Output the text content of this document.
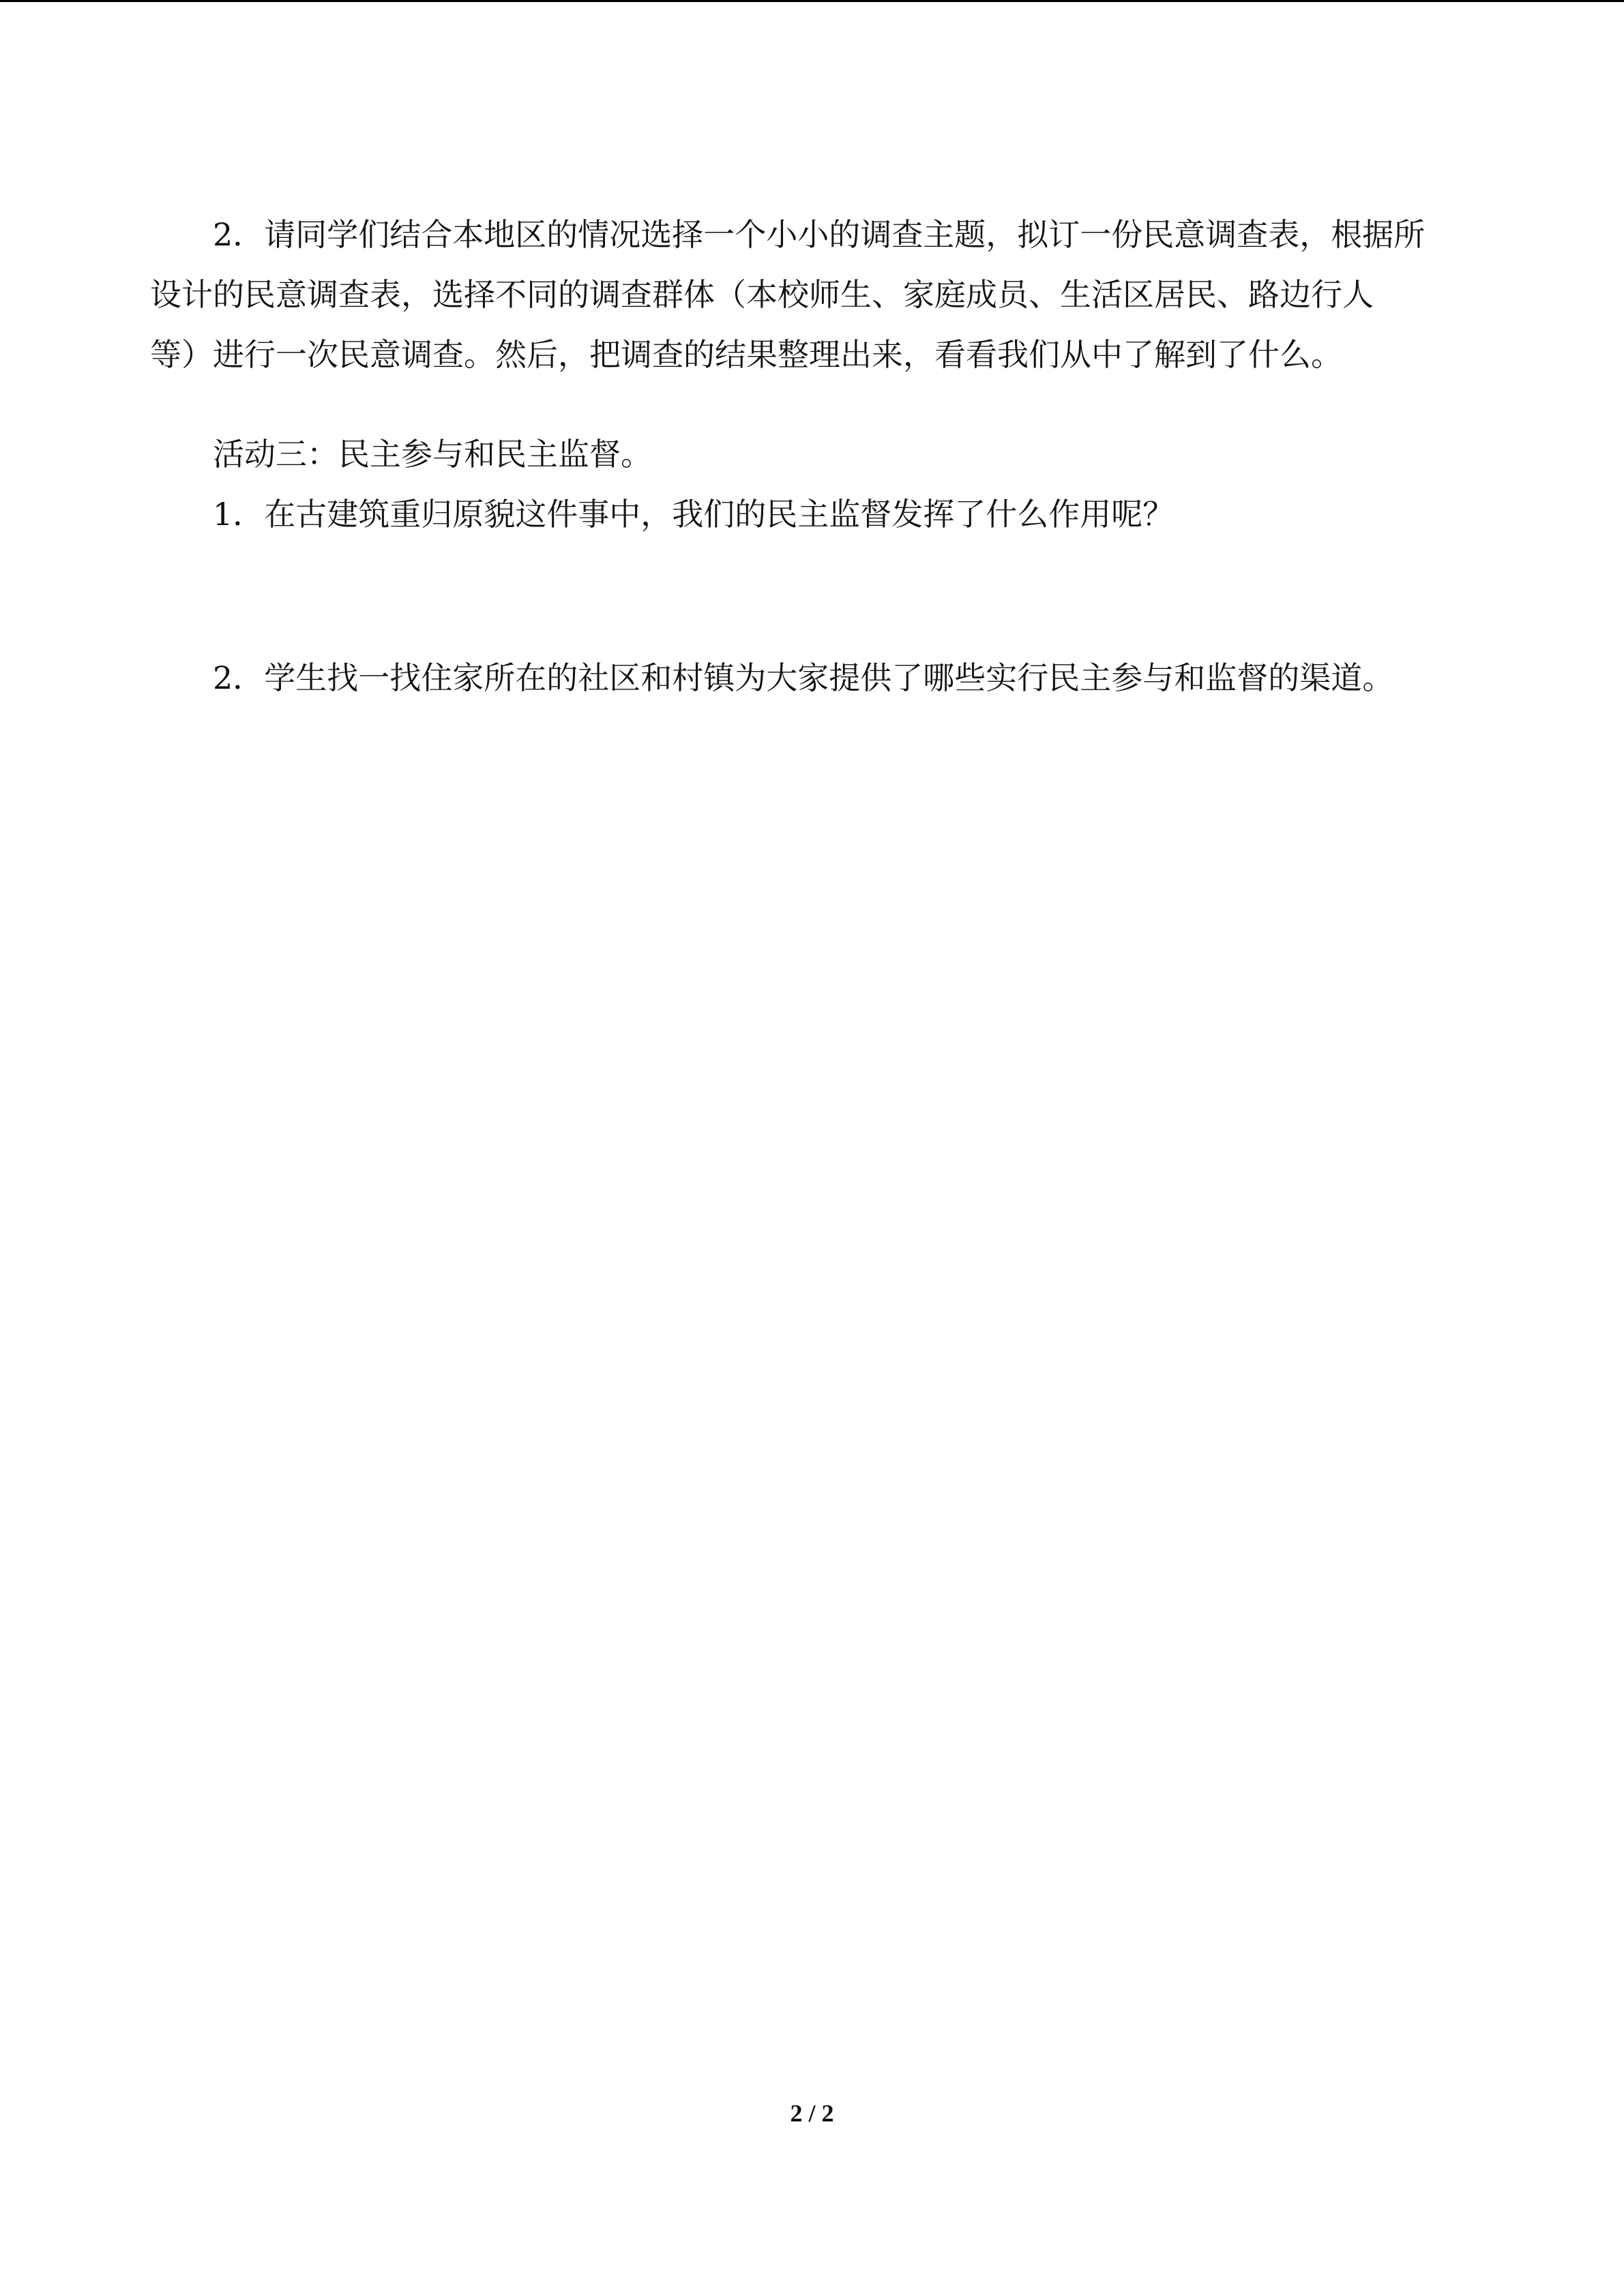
2．请同学们结合本地区的情况选择一个小小的调查主题，拟订一份民意调查表，根据所

设计的民意调查表，选择不同的调查群体（本校师生、家庭成员、生活区居民、路边行人

等）进行一次民意调查。然后，把调查的结果整理出来，看看我们从中了解到了什么。

活动三：民主参与和民主监督。

1．在古建筑重归原貌这件事中，我们的民主监督发挥了什么作用呢？

2．学生找一找住家所在的社区和村镇为大家提供了哪些实行民主参与和监督的渠道。

2 / 2
